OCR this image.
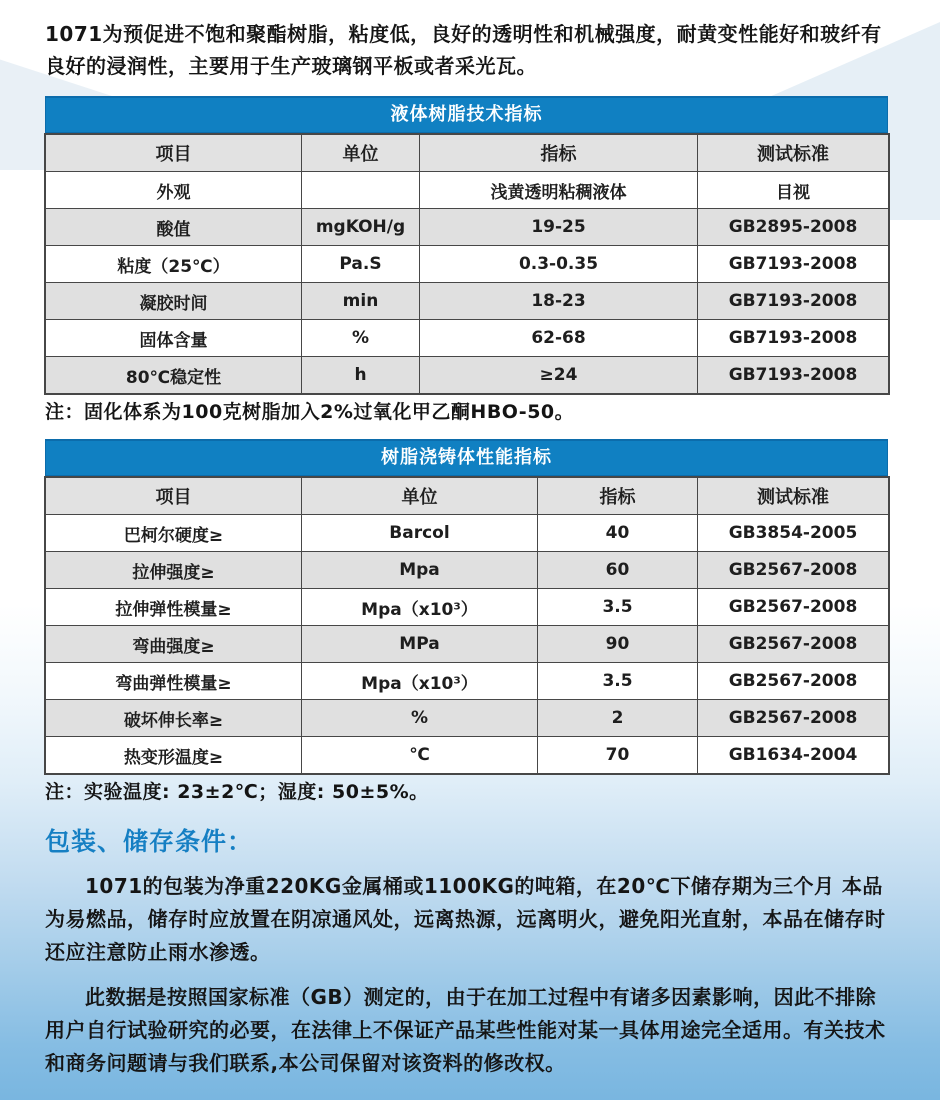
1071为预促进不饱和聚酯树脂，粘度低，良好的透明性和机械强度，耐黄变性能好和玻纤有良好的浸润性，主要用于生产玻璃钢平板或者采光瓦。

液体树脂技术指标
项目	单位	指标	测试标准
外观		浅黄透明粘稠液体	目视
酸值	mgKOH/g	19-25	GB2895-2008
粘度（25℃）	Pa.S	0.3-0.35	GB7193-2008
凝胶时间	min	18-23	GB7193-2008
固体含量	%	62-68	GB7193-2008
80℃稳定性	h	≥24	GB7193-2008

注：固化体系为100克树脂加入2%过氧化甲乙酮HBO-50。

树脂浇铸体性能指标
项目	单位	指标	测试标准
巴柯尔硬度≥	Barcol	40	GB3854-2005
拉伸强度≥	Mpa	60	GB2567-2008
拉伸弹性模量≥	Mpa（x10³）	3.5	GB2567-2008
弯曲强度≥	MPa	90	GB2567-2008
弯曲弹性模量≥	Mpa（x10³）	3.5	GB2567-2008
破坏伸长率≥	%	2	GB2567-2008
热变形温度≥	℃	70	GB1634-2004

注：实验温度: 23±2℃；湿度: 50±5%。

包装、储存条件：

1071的包装为净重220KG金属桶或1100KG的吨箱，在20℃下储存期为三个月 本品为易燃品，储存时应放置在阴凉通风处，远离热源，远离明火，避免阳光直射，本品在储存时还应注意防止雨水渗透。

此数据是按照国家标准（GB）测定的，由于在加工过程中有诸多因素影响，因此不排除用户自行试验研究的必要，在法律上不保证产品某些性能对某一具体用途完全适用。有关技术和商务问题请与我们联系,本公司保留对该资料的修改权。
